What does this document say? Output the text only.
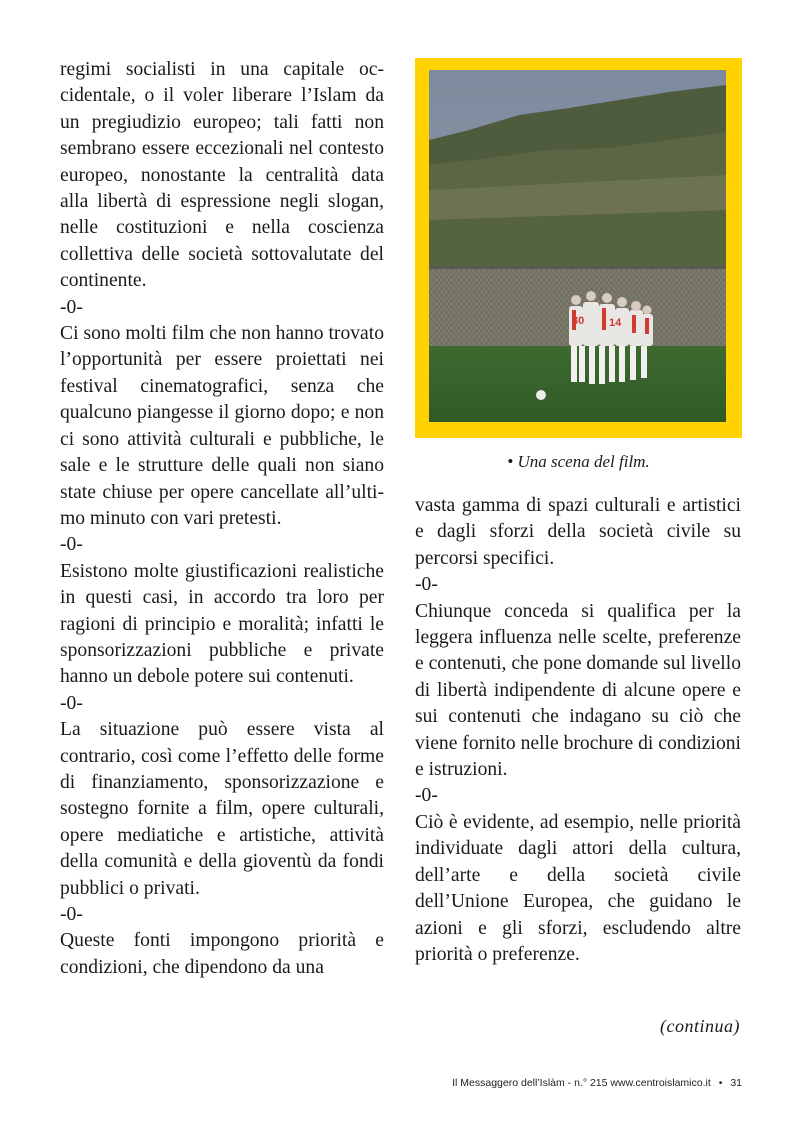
regimi socialisti in una capitale occidentale, o il voler liberare l’Islam da un pregiudizio europeo; tali fatti non sembrano essere eccezionali nel contesto europeo, nonostante la centralità data alla libertà di espressione negli slogan, nelle costituzioni e nella coscienza collettiva delle società sottovalutate del continente.

-0-

Ci sono molti film che non hanno trovato l’opportunità per essere proiettati nei festival cinematografici, senza che qualcuno piangesse il giorno dopo; e non ci sono attività culturali e pubbliche, le sale e le strutture delle quali non siano state chiuse per opere cancellate all’ultimo minuto con vari pretesti.

-0-

Esistono molte giustificazioni realistiche in questi casi, in accordo tra loro per ragioni di principio e moralità; infatti le sponsorizzazioni pubbliche e private hanno un debole potere sui contenuti.

-0-

La situazione può essere vista al contrario, così come l’effetto delle forme di finanziamento, sponsorizzazione e sostegno fornite a film, opere culturali, opere mediatiche e artistiche, attività della comunità e della gioventù da fondi pubblici o privati.

-0-

Queste fonti impongono priorità e condizioni, che dipendono da una

30 14
• Una scena del film.

vasta gamma di spazi culturali e artistici e dagli sforzi della società civile su percorsi specifici.

-0-

Chiunque conceda si qualifica per la leggera influenza nelle scelte, preferenze e contenuti, che pone domande sul livello di libertà indipendente di alcune opere e sui contenuti che indagano su ciò che viene fornito nelle brochure di condizioni e istruzioni.

-0-

Ciò è evidente, ad esempio, nelle priorità individuate dagli attori della cultura, dell’arte e della società civile dell’Unione Europea, che guidano le azioni e gli sforzi, escludendo altre priorità o preferenze.

(continua)
Il Messaggero dell’Islàm - n.° 215 www.centroislamico.it • 31
